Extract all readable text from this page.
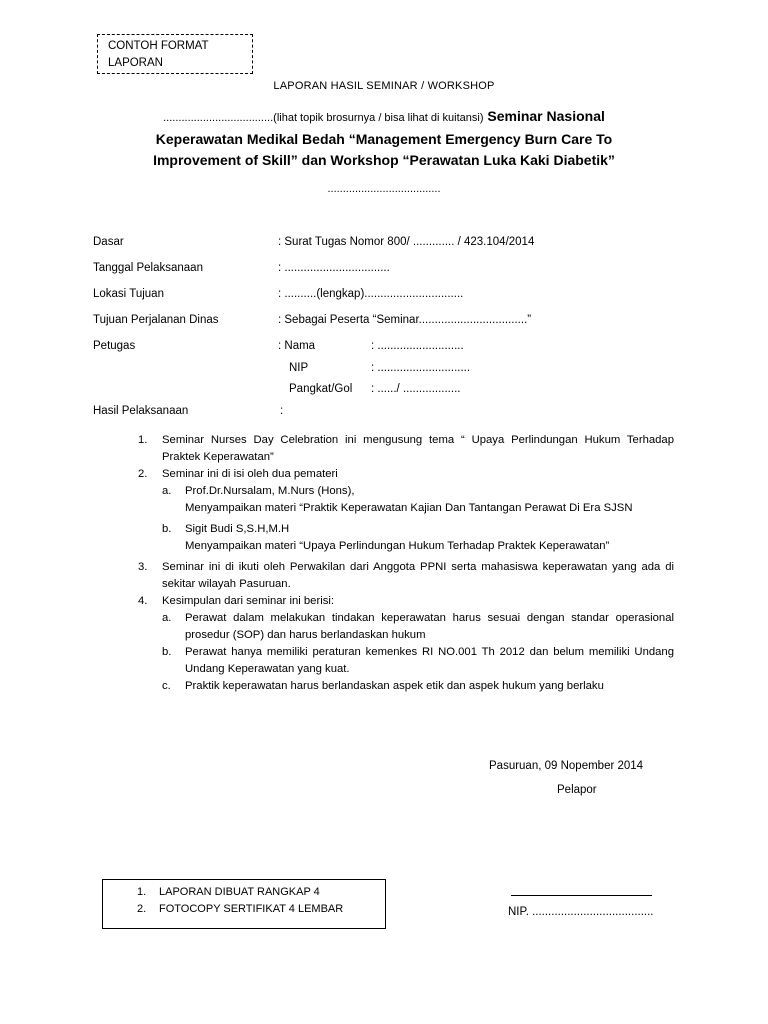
CONTOH FORMAT
LAPORAN
LAPORAN HASIL SEMINAR / WORKSHOP
....................................(lihat topik brosurnya / bisa lihat di kuitansi) Seminar Nasional
Keperawatan Medikal Bedah “Management Emergency Burn Care To
Improvement of Skill” dan Workshop “Perawatan Luka Kaki Diabetik”
.....................................
Dasar	: Surat Tugas Nomor 800/ ............. / 423.104/2014
Tanggal Pelaksanaan	: .................................
Lokasi Tujuan	: ..........(lengkap)...............................
Tujuan Perjalanan Dinas	: Sebagai Peserta “Seminar..................................”
Petugas	: Nama	: ...........................
NIP	: .............................
Pangkat/Gol : ....../ ..................
Hasil Pelaksanaan	:
1.	Seminar Nurses Day Celebration ini mengusung tema “ Upaya Perlindungan Hukum Terhadap Praktek Keperawatan”
2.	Seminar ini di isi oleh dua pemateri
a.	Prof.Dr.Nursalam, M.Nurs (Hons),
Menyampaikan materi “Praktik Keperawatan Kajian Dan Tantangan Perawat Di Era SJSN
b.	Sigit Budi S,S.H,M.H
Menyampaikan materi “Upaya Perlindungan Hukum Terhadap Praktek Keperawatan”
3.	Seminar ini di ikuti oleh Perwakilan dari Anggota PPNI serta mahasiswa keperawatan yang ada di sekitar wilayah Pasuruan.
4.	Kesimpulan dari seminar ini berisi:
a.	Perawat dalam melakukan tindakan keperawatan harus sesuai dengan standar operasional prosedur (SOP) dan harus berlandaskan hukum
b.	Perawat hanya memiliki peraturan kemenkes RI NO.001 Th 2012 dan belum memiliki Undang Undang Keperawatan yang kuat.
c.	Praktik keperawatan harus berlandaskan aspek etik dan aspek hukum yang berlaku
Pasuruan, 09 Nopember 2014
Pelapor
1. LAPORAN DIBUAT RANGKAP 4
2. FOTOCOPY SERTIFIKAT 4 LEMBAR	NIP. ......................................
